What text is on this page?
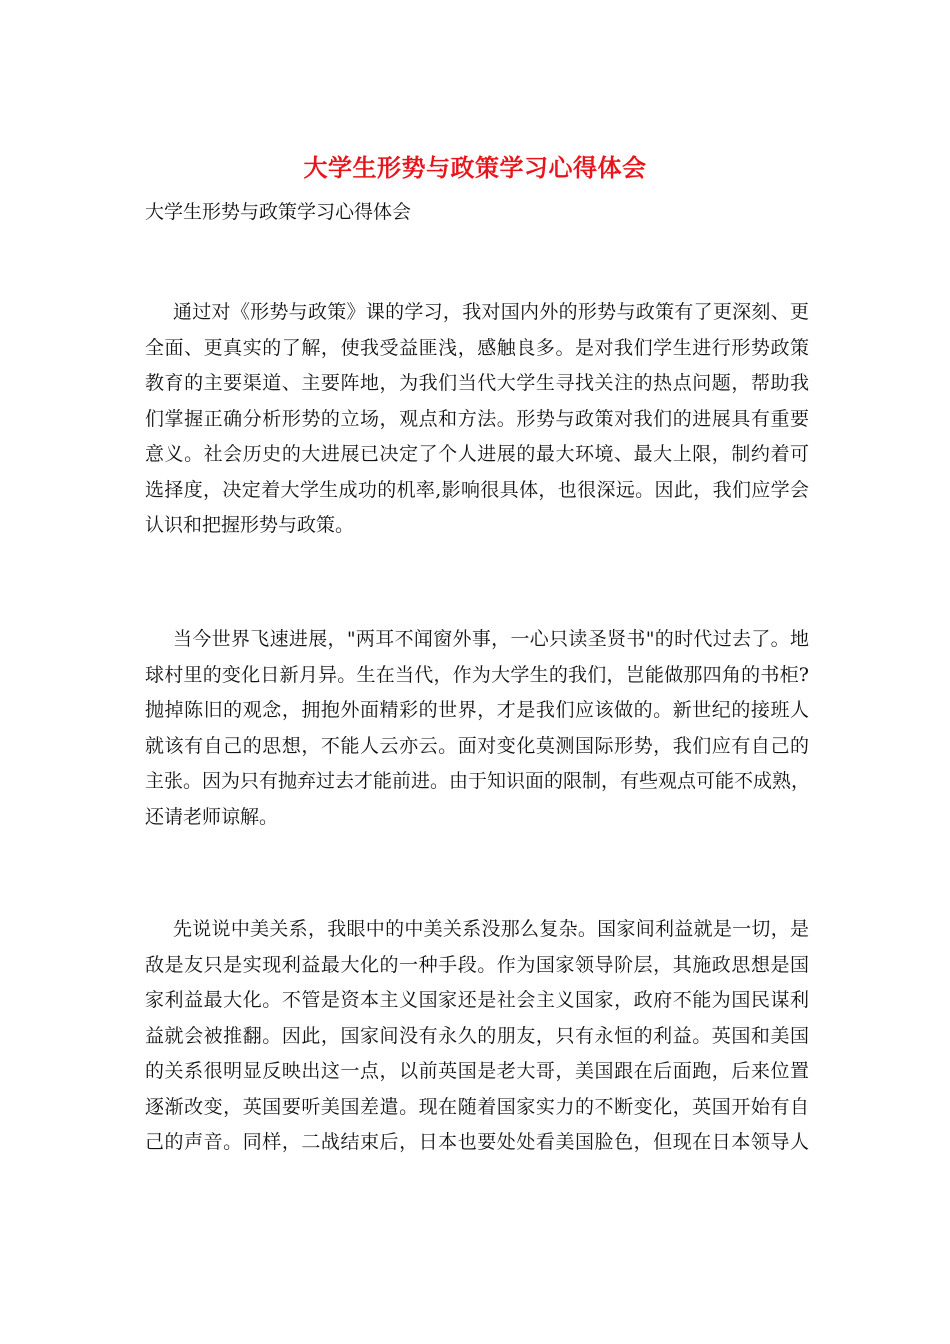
大学生形势与政策学习心得体会
大学生形势与政策学习心得体会
通过对《形势与政策》课的学习，我对国内外的形势与政策有了更深刻、更
全面、更真实的了解，使我受益匪浅，感触良多。是对我们学生进行形势政策
教育的主要渠道、主要阵地，为我们当代大学生寻找关注的热点问题，帮助我
们掌握正确分析形势的立场，观点和方法。形势与政策对我们的进展具有重要
意义。社会历史的大进展已决定了个人进展的最大环境、最大上限，制约着可
选择度，决定着大学生成功的机率,影响很具体，也很深远。因此，我们应学会
认识和把握形势与政策。
当今世界飞速进展，"两耳不闻窗外事，一心只读圣贤书"的时代过去了。地
球村里的变化日新月异。生在当代，作为大学生的我们，岂能做那四角的书柜?
抛掉陈旧的观念，拥抱外面精彩的世界，才是我们应该做的。新世纪的接班人
就该有自己的思想，不能人云亦云。面对变化莫测国际形势，我们应有自己的
主张。因为只有抛弃过去才能前进。由于知识面的限制，有些观点可能不成熟，
还请老师谅解。
先说说中美关系，我眼中的中美关系没那么复杂。国家间利益就是一切，是
敌是友只是实现利益最大化的一种手段。作为国家领导阶层，其施政思想是国
家利益最大化。不管是资本主义国家还是社会主义国家，政府不能为国民谋利
益就会被推翻。因此，国家间没有永久的朋友，只有永恒的利益。英国和美国
的关系很明显反映出这一点，以前英国是老大哥，美国跟在后面跑，后来位置
逐渐改变，英国要听美国差遣。现在随着国家实力的不断变化，英国开始有自
己的声音。同样，二战结束后，日本也要处处看美国脸色，但现在日本领导人
